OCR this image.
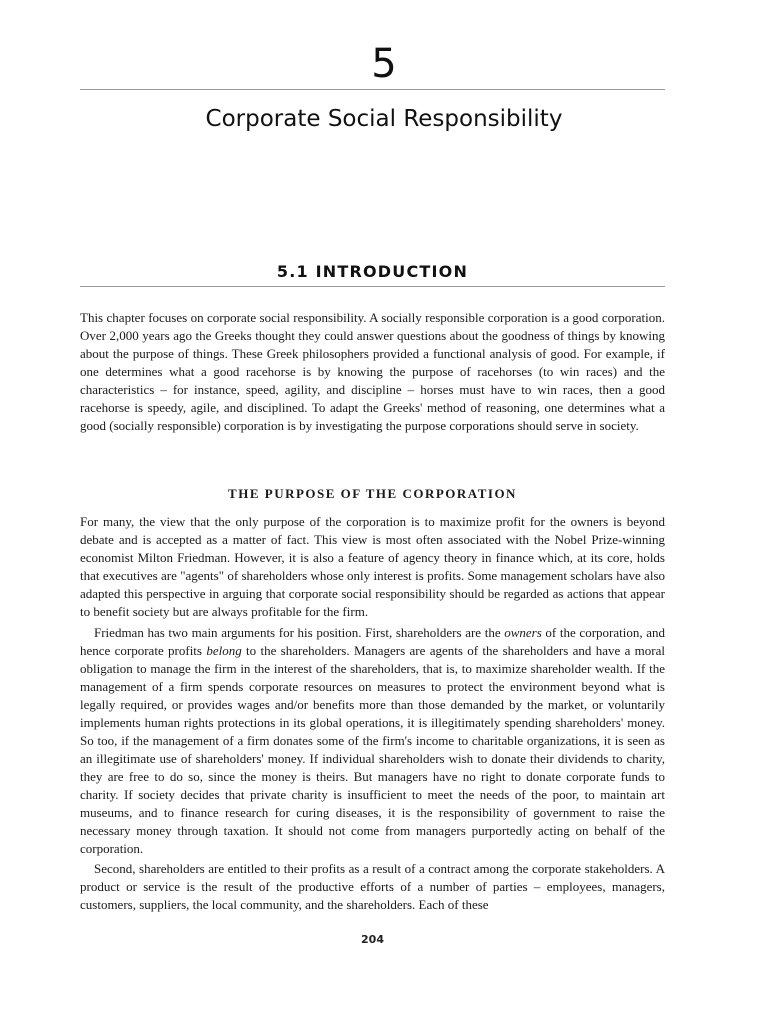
5
Corporate Social Responsibility
5.1 INTRODUCTION

This chapter focuses on corporate social responsibility. A socially responsible corporation is a good corporation. Over 2,000 years ago the Greeks thought they could answer questions about the goodness of things by knowing about the purpose of things. These Greek philosophers provided a functional analysis of good. For example, if one determines what a good racehorse is by knowing the purpose of racehorses (to win races) and the characteristics – for instance, speed, agility, and discipline – horses must have to win races, then a good racehorse is speedy, agile, and disciplined. To adapt the Greeks' method of reasoning, one determines what a good (socially responsible) corporation is by investigating the purpose corporations should serve in society.

THE PURPOSE OF THE CORPORATION

For many, the view that the only purpose of the corporation is to maximize profit for the owners is beyond debate and is accepted as a matter of fact. This view is most often associated with the Nobel Prize-winning economist Milton Friedman. However, it is also a feature of agency theory in finance which, at its core, holds that executives are "agents" of shareholders whose only interest is profits. Some management scholars have also adapted this perspective in arguing that corporate social responsibility should be regarded as actions that appear to benefit society but are always profitable for the firm.

Friedman has two main arguments for his position. First, shareholders are the owners of the corporation, and hence corporate profits belong to the shareholders. Managers are agents of the shareholders and have a moral obligation to manage the firm in the interest of the shareholders, that is, to maximize shareholder wealth. If the management of a firm spends corporate resources on measures to protect the environment beyond what is legally required, or provides wages and/or benefits more than those demanded by the market, or voluntarily implements human rights protections in its global operations, it is illegitimately spending shareholders' money. So too, if the management of a firm donates some of the firm's income to charitable organizations, it is seen as an illegitimate use of shareholders' money. If individual shareholders wish to donate their dividends to charity, they are free to do so, since the money is theirs. But managers have no right to donate corporate funds to charity. If society decides that private charity is insufficient to meet the needs of the poor, to maintain art museums, and to finance research for curing diseases, it is the responsibility of government to raise the necessary money through taxation. It should not come from managers purportedly acting on behalf of the corporation.

Second, shareholders are entitled to their profits as a result of a contract among the corporate stakeholders. A product or service is the result of the productive efforts of a number of parties – employees, managers, customers, suppliers, the local community, and the shareholders. Each of these

204
